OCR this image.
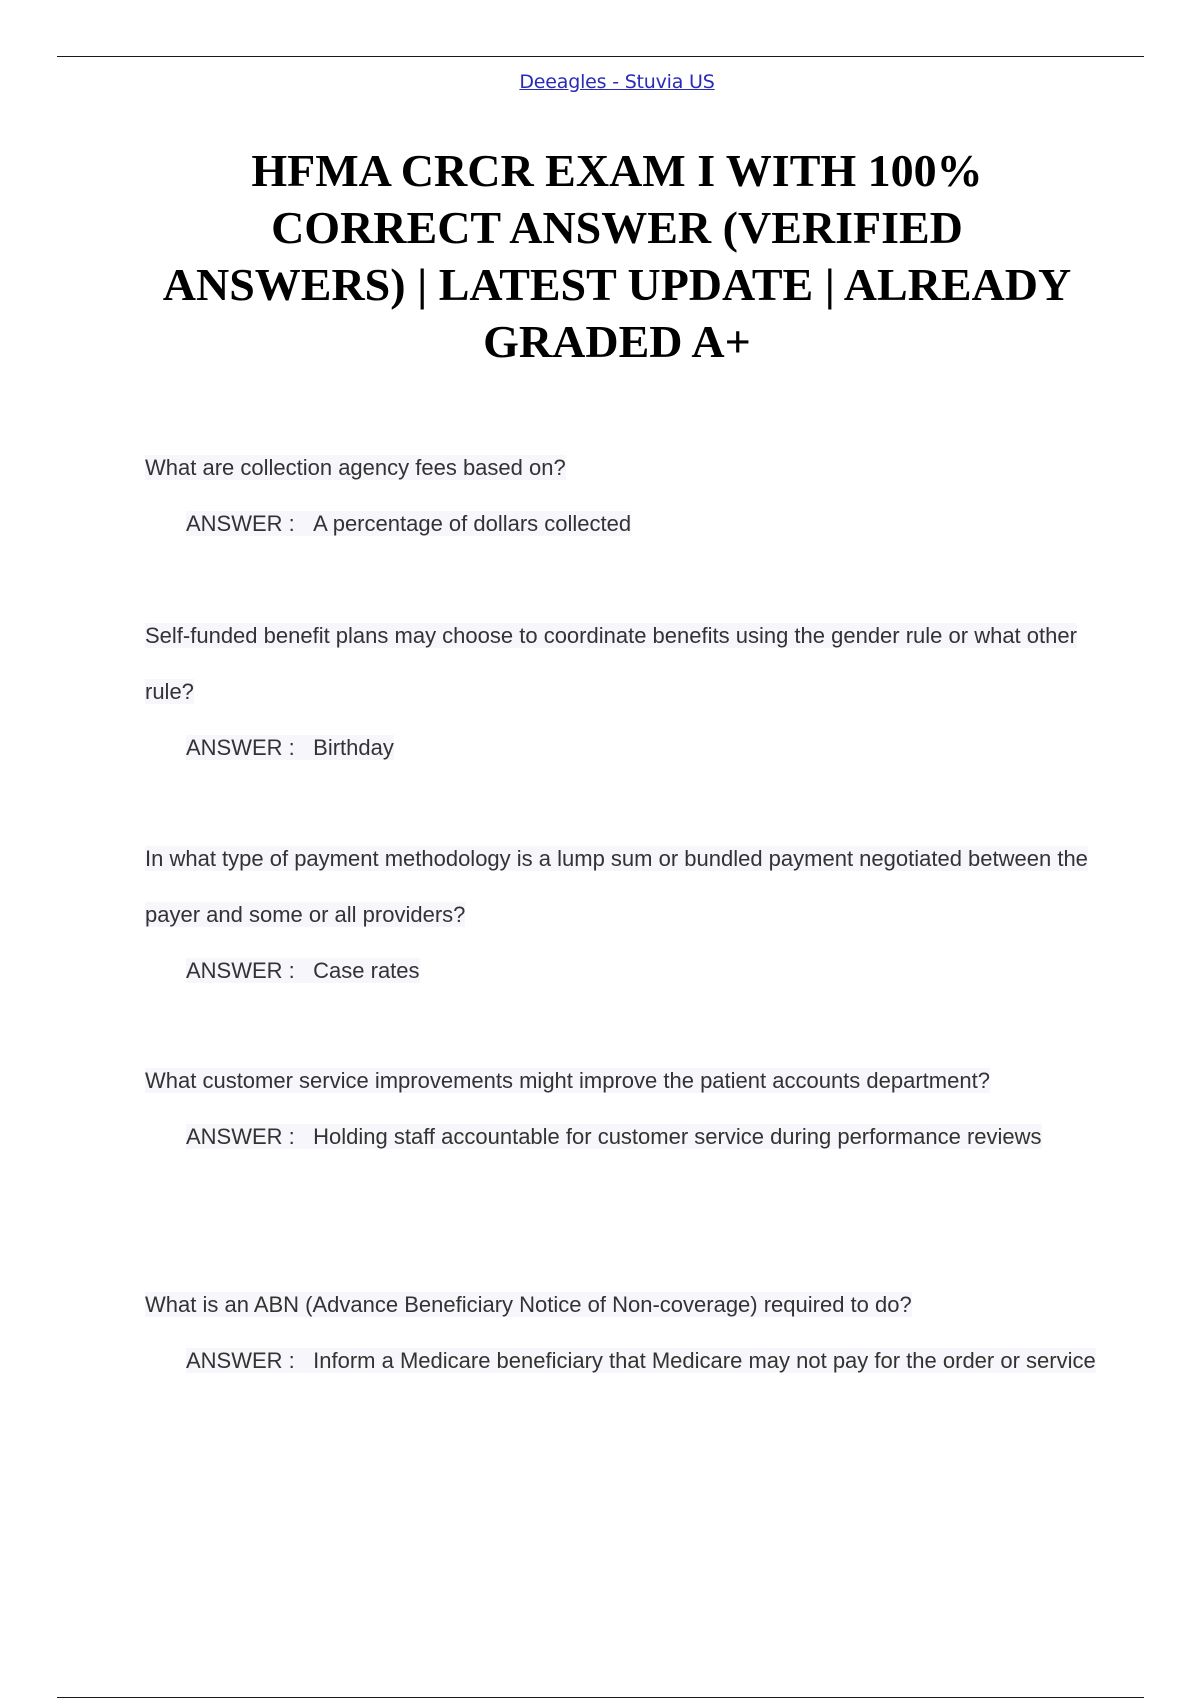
Deeagles - Stuvia US
HFMA CRCR EXAM I WITH 100% CORRECT ANSWER (VERIFIED ANSWERS) | LATEST UPDATE | ALREADY GRADED A+

What are collection agency fees based on?

ANSWER : A percentage of dollars collected

Self-funded benefit plans may choose to coordinate benefits using the gender rule or what other rule?

ANSWER : Birthday

In what type of payment methodology is a lump sum or bundled payment negotiated between the payer and some or all providers?

ANSWER : Case rates

What customer service improvements might improve the patient accounts department?

ANSWER : Holding staff accountable for customer service during performance reviews

What is an ABN (Advance Beneficiary Notice of Non-coverage) required to do?

ANSWER : Inform a Medicare beneficiary that Medicare may not pay for the order or service
